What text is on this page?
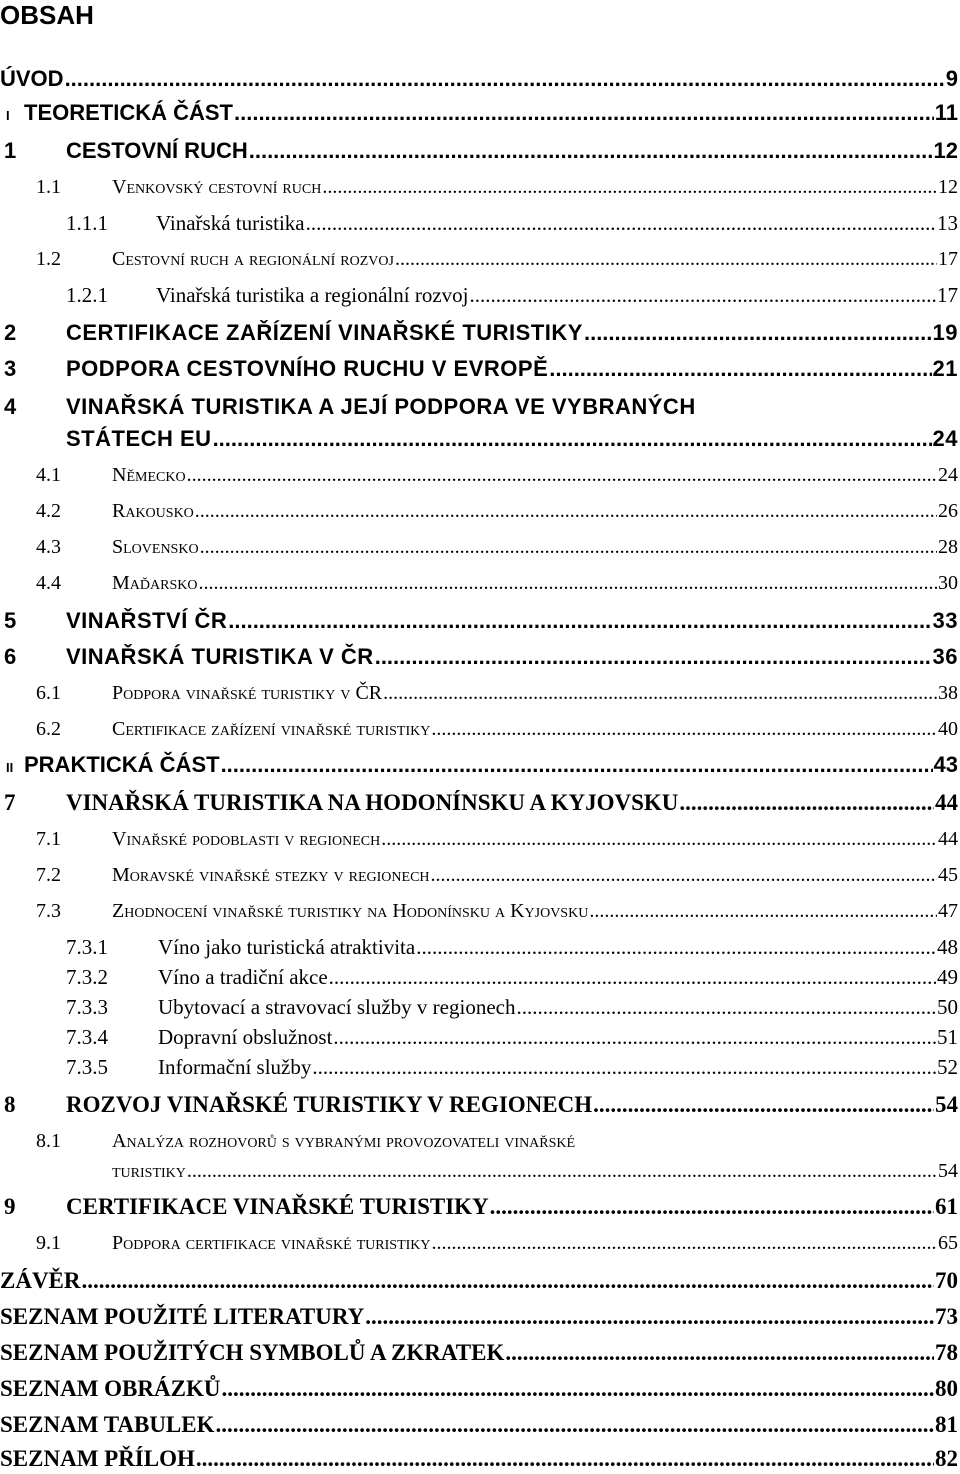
OBSAH
ÚVOD .....	9
I TEORETICKÁ ČÁST .....	11
1	CESTOVNÍ RUCH .....	12
1.1	Venkovský cestovní ruch .....	12
1.1.1	Vinařská turistika .....	13
1.2	Cestovní ruch a regionální rozvoj .....	17
1.2.1	Vinařská turistika a regionální rozvoj .....	17
2	CERTIFIKACE ZAŘÍZENÍ VINAŘSKÉ TURISTIKY .....	19
3	PODPORA CESTOVNÍHO RUCHU V EVROPĚ .....	21
4	VINAŘSKÁ TURISTIKA A JEJÍ PODPORA VE VYBRANÝCH
STÁTECH EU .....	24
4.1	Německo .....	24
4.2	Rakousko .....	26
4.3	Slovensko .....	28
4.4	Maďarsko .....	30
5	VINAŘSTVÍ ČR .....	33
6	VINAŘSKÁ TURISTIKA V ČR .....	36
6.1	Podpora vinařské turistiky v ČR .....	38
6.2	Certifikace zařízení vinařské turistiky .....	40
II PRAKTICKÁ ČÁST .....	43
7	VINAŘSKÁ TURISTIKA NA HODONÍNSKU A KYJOVSKU .....	44
7.1	Vinařské podoblasti v regionech .....	44
7.2	Moravské vinařské stezky v regionech .....	45
7.3	Zhodnocení vinařské turistiky na Hodonínsku a Kyjovsku .....	47
7.3.1	Víno jako turistická atraktivita .....	48
7.3.2	Víno a tradiční akce .....	49
7.3.3	Ubytovací a stravovací služby v regionech .....	50
7.3.4	Dopravní obslužnost .....	51
7.3.5	Informační služby .....	52
8	ROZVOJ VINAŘSKÉ TURISTIKY V REGIONECH .....	54
8.1	Analýza rozhovorů s vybranými provozovateli vinařské
turistiky .....	54
9	CERTIFIKACE VINAŘSKÉ TURISTIKY .....	61
9.1	Podpora certifikace vinařské turistiky .....	65
ZÁVĚR .....	70
SEZNAM POUŽITÉ LITERATURY .....	73
SEZNAM POUŽITÝCH SYMBOLŮ A ZKRATEK .....	78
SEZNAM OBRÁZKŮ .....	80
SEZNAM TABULEK .....	81
SEZNAM PŘÍLOH .....	82
